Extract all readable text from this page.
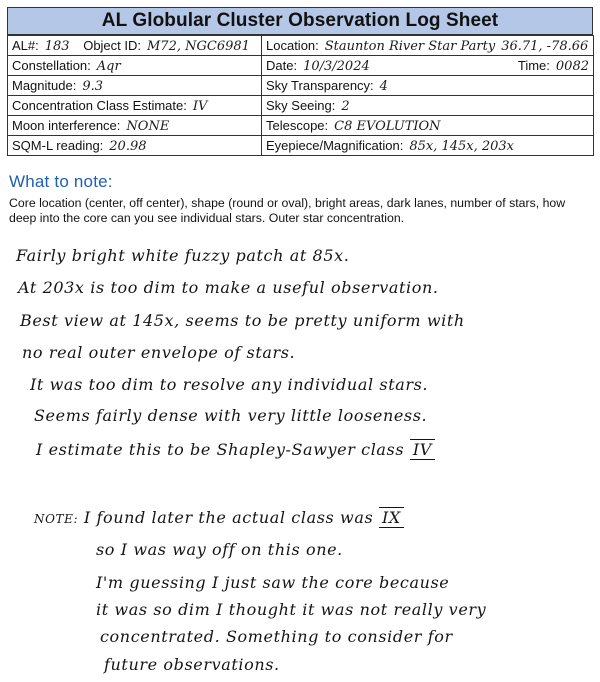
AL Globular Cluster Observation Log Sheet
AL#: 183 Object ID: M72, NGC6981	Location: Staunton River Star Party 36.71, -78.66
Constellation: Aqr	Date: 10/3/2024 Time: 0082

Magnitude: 9.3	Sky Transparency: 4
Concentration Class Estimate: IV	Sky Seeing: 2
Moon interference: NONE	Telescope: C8 EVOLUTION
SQM-L reading: 20.98	Eyepiece/Magnification: 85x, 145x, 203x
What to note:
Core location (center, off center), shape (round or oval), bright areas, dark lanes, number of stars, how deep into the core can you see individual stars. Outer star concentration.
Fairly bright white fuzzy patch at 85x.
At 203x is too dim to make a useful observation.
Best view at 145x, seems to be pretty uniform with
no real outer envelope of stars.
It was too dim to resolve any individual stars.
Seems fairly dense with very little looseness.
I estimate this to be Shapley-Sawyer class IV
NOTE: I found later the actual class was IX
so I was way off on this one.
I'm guessing I just saw the core because
it was so dim I thought it was not really very
concentrated. Something to consider for
future observations.
